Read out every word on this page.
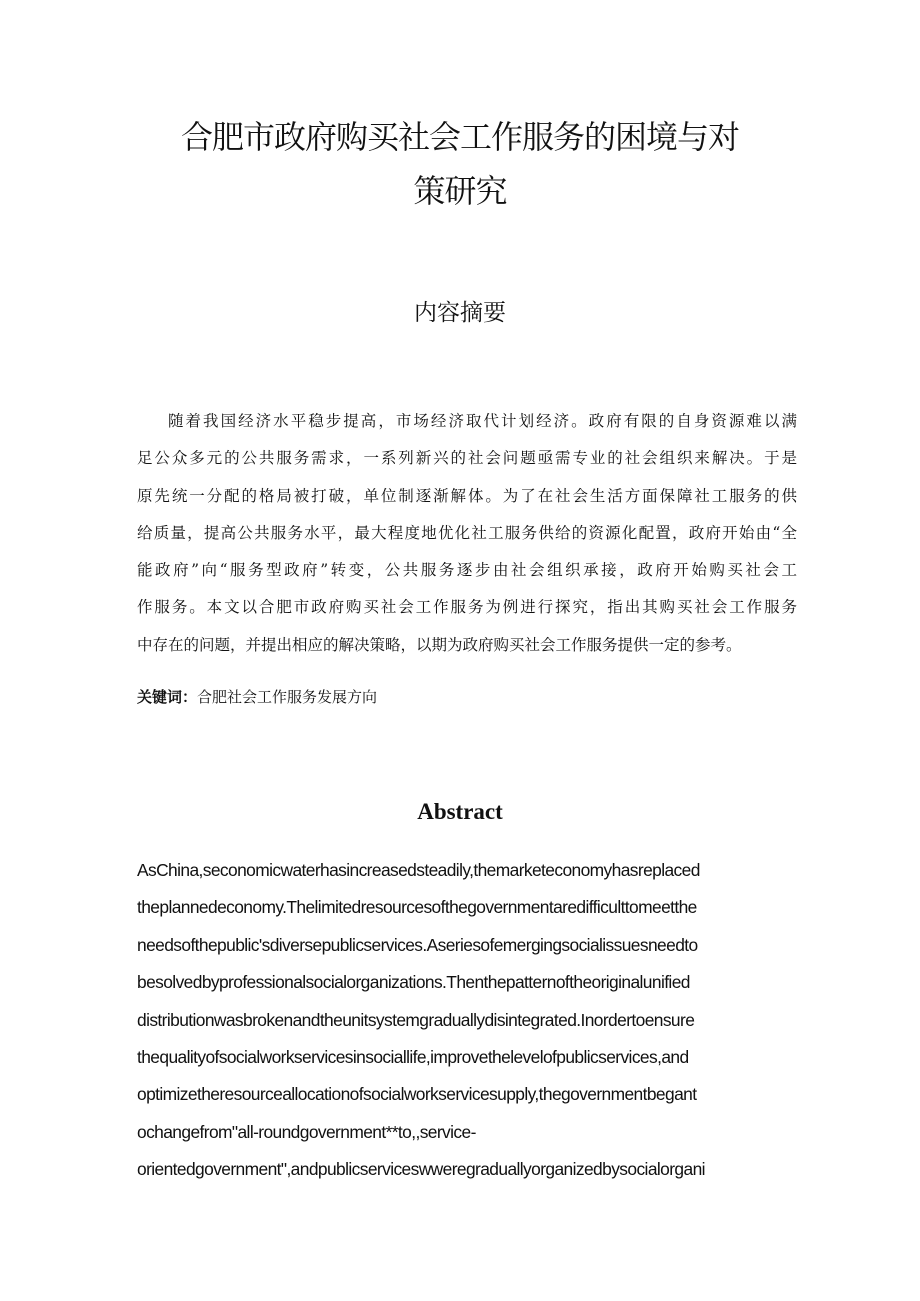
合肥市政府购买社会工作服务的困境与对
策研究
内容摘要
随着我国经济水平稳步提高，市场经济取代计划经济。政府有限的自身资源难以满
足公众多元的公共服务需求，一系列新兴的社会问题亟需专业的社会组织来解决。于是
原先统一分配的格局被打破，单位制逐渐解体。为了在社会生活方面保障社工服务的供
给质量，提高公共服务水平，最大程度地优化社工服务供给的资源化配置，政府开始由“全
能政府”向“服务型政府”转变，公共服务逐步由社会组织承接，政府开始购买社会工
作服务。本文以合肥市政府购买社会工作服务为例进行探究，指出其购买社会工作服务
中存在的问题，并提出相应的解决策略，以期为政府购买社会工作服务提供一定的参考。
关键词：合肥社会工作服务发展方向
Abstract
AsChina,seconomicwaterhasincreasedsteadily,themarketeconomyhasreplaced
theplannedeconomy.Thelimitedresourcesofthegovernmentaredifficulttomeetthe
needsofthepublic'sdiversepublicservices.Aseriesofemergingsocialissuesneedto
besolvedbyprofessionalsocialorganizations.Thenthepatternoftheoriginalunified
distributionwasbrokenandtheunitsystemgraduallydisintegrated.Inordertoensure
thequalityofsocialworkservicesinsociallife,improvethelevelofpublicservices,and
optimizetheresourceallocationofsocialworkservicesupply,thegovernmentbegant
ochangefrom"all-roundgovernment**to,,service-
orientedgovernment",andpublicserviceswweregraduallyorganizedbysocialorgani
